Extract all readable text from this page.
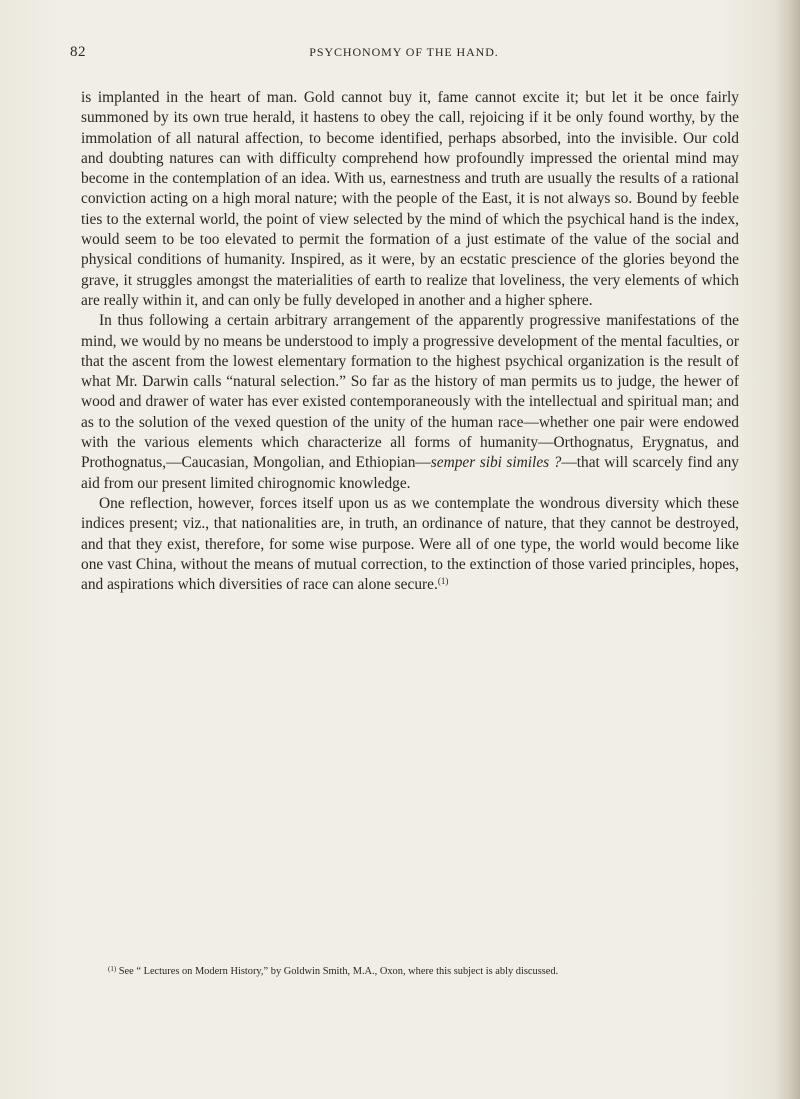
82	PSYCHONOMY OF THE HAND.

is implanted in the heart of man. Gold cannot buy it, fame cannot excite it; but let it be once fairly summoned by its own true herald, it hastens to obey the call, rejoicing if it be only found worthy, by the immolation of all natural affection, to become identified, perhaps absorbed, into the invisible. Our cold and doubting natures can with difficulty comprehend how profoundly impressed the oriental mind may become in the contemplation of an idea. With us, earnestness and truth are usually the results of a rational conviction acting on a high moral nature; with the people of the East, it is not always so. Bound by feeble ties to the external world, the point of view selected by the mind of which the psychical hand is the index, would seem to be too elevated to permit the formation of a just estimate of the value of the social and physical conditions of humanity. Inspired, as it were, by an ecstatic prescience of the glories beyond the grave, it struggles amongst the materialities of earth to realize that loveliness, the very elements of which are really within it, and can only be fully developed in another and a higher sphere.

In thus following a certain arbitrary arrangement of the apparently progressive manifestations of the mind, we would by no means be understood to imply a progressive development of the mental faculties, or that the ascent from the lowest elementary formation to the highest psychical organization is the result of what Mr. Darwin calls “natural selection.” So far as the history of man permits us to judge, the hewer of wood and drawer of water has ever existed contemporaneously with the intellectual and spiritual man; and as to the solution of the vexed question of the unity of the human race—whether one pair were endowed with the various elements which characterize all forms of humanity—Orthognatus, Erygnatus, and Prothognatus,—Caucasian, Mongolian, and Ethiopian—semper sibi similes ?—that will scarcely find any aid from our present limited chirognomic knowledge.

One reflection, however, forces itself upon us as we contemplate the wondrous diversity which these indices present; viz., that nationalities are, in truth, an ordinance of nature, that they cannot be destroyed, and that they exist, therefore, for some wise purpose. Were all of one type, the world would become like one vast China, without the means of mutual correction, to the extinction of those varied principles, hopes, and aspirations which diversities of race can alone secure.$^{(1)}$

$^{(1)}$ See “ Lectures on Modern History,” by Goldwin Smith, M.A., Oxon, where this subject is ably discussed.
